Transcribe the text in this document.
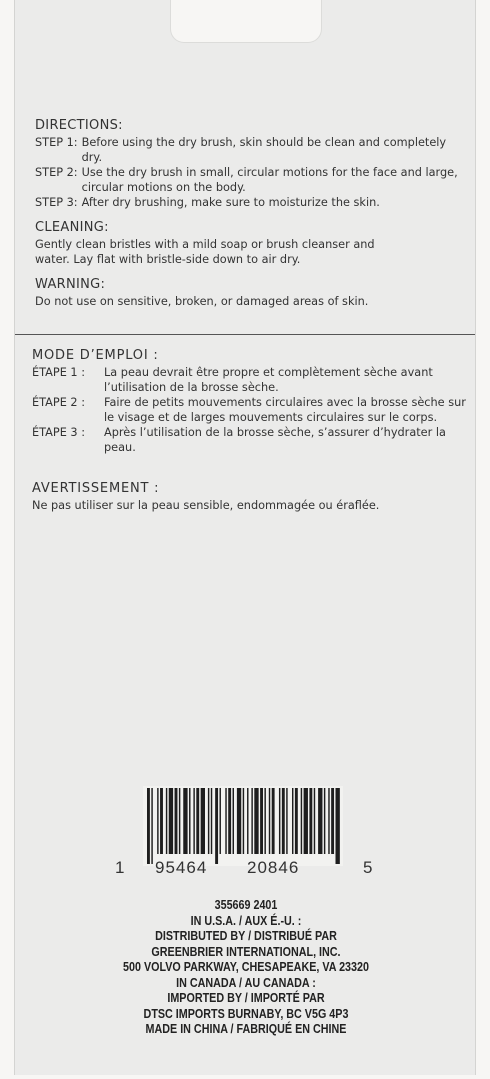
DIRECTIONS:
STEP 1: Before using the dry brush, skin should be clean and completely dry.
STEP 2: Use the dry brush in small, circular motions for the face and large, circular motions on the body.
STEP 3: After dry brushing, make sure to moisturize the skin.
CLEANING:
Gently clean bristles with a mild soap or brush cleanser and
water. Lay flat with bristle-side down to air dry.
WARNING:
Do not use on sensitive, broken, or damaged areas of skin.
MODE D’EMPLOI :
ÉTAPE 1 :	La peau devrait être propre et complètement sèche avant l’utilisation de la brosse sèche.
ÉTAPE 2 :	Faire de petits mouvements circulaires avec la brosse sèche sur le visage et de larges mouvements circulaires sur le corps.
ÉTAPE 3 :	Après l’utilisation de la brosse sèche, s’assurer d’hydrater la peau.
AVERTISSEMENT :
Ne pas utiliser sur la peau sensible, endommagée ou éraflée.
1 95464 20846	5
355669 2401
IN U.S.A. / AUX É.-U. :
DISTRIBUTED BY / DISTRIBUÉ PAR
GREENBRIER INTERNATIONAL, INC.
500 VOLVO PARKWAY, CHESAPEAKE, VA 23320
IN CANADA / AU CANADA :
IMPORTED BY / IMPORTÉ PAR
DTSC IMPORTS BURNABY, BC V5G 4P3
MADE IN CHINA / FABRIQUÉ EN CHINE
